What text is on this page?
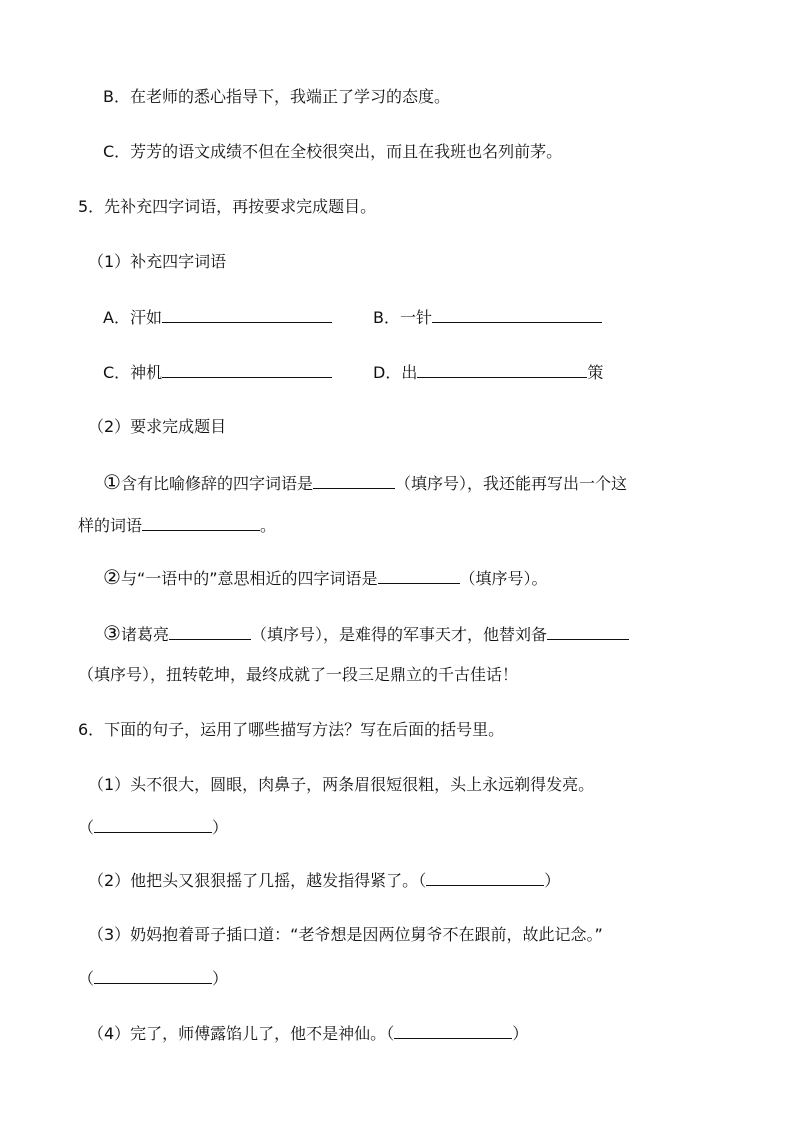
B．在老师的悉心指导下，我端正了学习的态度。
C．芳芳的语文成绩不但在全校很突出，而且在我班也名列前茅。
5．先补充四字词语，再按要求完成题目。
（1）补充四字词语
A．汗如	B．一针
C．神机	D．出	策
（2）要求完成题目
①含有比喻修辞的四字词语是	（填序号），我还能再写出一个这
样的词语	。
②与“一语中的”意思相近的四字词语是	（填序号）。
③诸葛亮	（填序号），是难得的军事天才，他替刘备
（填序号），扭转乾坤，最终成就了一段三足鼎立的千古佳话！
6．下面的句子，运用了哪些描写方法？写在后面的括号里。
（1）头不很大，圆眼，肉鼻子，两条眉很短很粗，头上永远剃得发亮。
（	）
（2）他把头又狠狠摇了几摇，越发指得紧了。（	）
（3）奶妈抱着哥子插口道：“老爷想是因两位舅爷不在跟前，故此记念。”
（	）
（4）完了，师傅露馅儿了，他不是神仙。（	）
